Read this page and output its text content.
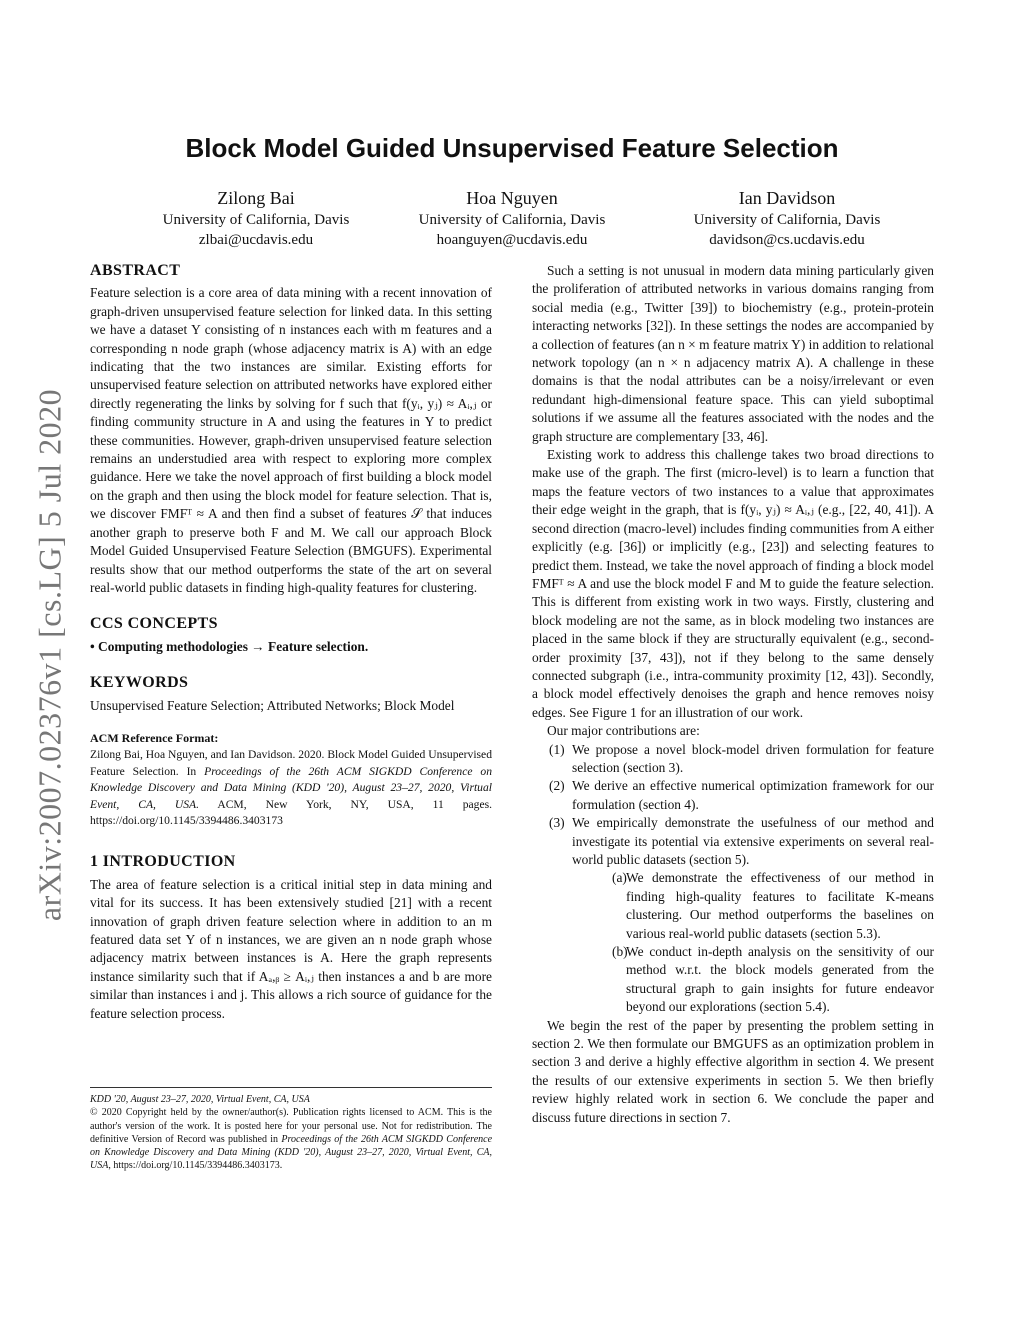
Block Model Guided Unsupervised Feature Selection
Zilong Bai
University of California, Davis
zlbai@ucdavis.edu
Hoa Nguyen
University of California, Davis
hoanguyen@ucdavis.edu
Ian Davidson
University of California, Davis
davidson@cs.ucdavis.edu
arXiv:2007.02376v1 [cs.LG] 5 Jul 2020
ABSTRACT

Feature selection is a core area of data mining with a recent innovation of graph-driven unsupervised feature selection for linked data. In this setting we have a dataset Y consisting of n instances each with m features and a corresponding n node graph (whose adjacency matrix is A) with an edge indicating that the two instances are similar. Existing efforts for unsupervised feature selection on attributed networks have explored either directly regenerating the links by solving for f such that f(yᵢ, yⱼ) ≈ Aᵢ,ⱼ or finding community structure in A and using the features in Y to predict these communities. However, graph-driven unsupervised feature selection remains an understudied area with respect to exploring more complex guidance. Here we take the novel approach of first building a block model on the graph and then using the block model for feature selection. That is, we discover FMFᵀ ≈ A and then find a subset of features 𝒮 that induces another graph to preserve both F and M. We call our approach Block Model Guided Unsupervised Feature Selection (BMGUFS). Experimental results show that our method outperforms the state of the art on several real-world public datasets in finding high-quality features for clustering.

CCS CONCEPTS

• Computing methodologies → Feature selection.

KEYWORDS

Unsupervised Feature Selection; Attributed Networks; Block Model

ACM Reference Format:

Zilong Bai, Hoa Nguyen, and Ian Davidson. 2020. Block Model Guided Unsupervised Feature Selection. In Proceedings of the 26th ACM SIGKDD Conference on Knowledge Discovery and Data Mining (KDD '20), August 23–27, 2020, Virtual Event, CA, USA. ACM, New York, NY, USA, 11 pages. https://doi.org/10.1145/3394486.3403173

1 INTRODUCTION

The area of feature selection is a critical initial step in data mining and vital for its success. It has been extensively studied [21] with a recent innovation of graph driven feature selection where in addition to an m featured data set Y of n instances, we are given an n node graph whose adjacency matrix between instances is A. Here the graph represents instance similarity such that if Aₐ,ᵦ ≥ Aᵢ,ⱼ then instances a and b are more similar than instances i and j. This allows a rich source of guidance for the feature selection process.

KDD '20, August 23–27, 2020, Virtual Event, CA, USA
© 2020 Copyright held by the owner/author(s). Publication rights licensed to ACM. This is the author's version of the work. It is posted here for your personal use. Not for redistribution. The definitive Version of Record was published in Proceedings of the 26th ACM SIGKDD Conference on Knowledge Discovery and Data Mining (KDD '20), August 23–27, 2020, Virtual Event, CA, USA, https://doi.org/10.1145/3394486.3403173.

Such a setting is not unusual in modern data mining particularly given the proliferation of attributed networks in various domains ranging from social media (e.g., Twitter [39]) to biochemistry (e.g., protein-protein interacting networks [32]). In these settings the nodes are accompanied by a collection of features (an n × m feature matrix Y) in addition to relational network topology (an n × n adjacency matrix A). A challenge in these domains is that the nodal attributes can be a noisy/irrelevant or even redundant high-dimensional feature space. This can yield suboptimal solutions if we assume all the features associated with the nodes and the graph structure are complementary [33, 46].

Existing work to address this challenge takes two broad directions to make use of the graph. The first (micro-level) is to learn a function that maps the feature vectors of two instances to a value that approximates their edge weight in the graph, that is f(yᵢ, yⱼ) ≈ Aᵢ,ⱼ (e.g., [22, 40, 41]). A second direction (macro-level) includes finding communities from A either explicitly (e.g. [36]) or implicitly (e.g., [23]) and selecting features to predict them. Instead, we take the novel approach of finding a block model FMFᵀ ≈ A and use the block model F and M to guide the feature selection. This is different from existing work in two ways. Firstly, clustering and block modeling are not the same, as in block modeling two instances are placed in the same block if they are structurally equivalent (e.g., second-order proximity [37, 43]), not if they belong to the same densely connected subgraph (i.e., intra-community proximity [12, 43]). Secondly, a block model effectively denoises the graph and hence removes noisy edges. See Figure 1 for an illustration of our work.

Our major contributions are:

(1) We propose a novel block-model driven formulation for feature selection (section 3).
(2) We derive an effective numerical optimization framework for our formulation (section 4).
(3) We empirically demonstrate the usefulness of our method and investigate its potential via extensive experiments on several real-world public datasets (section 5).
(a) We demonstrate the effectiveness of our method in finding high-quality features to facilitate K-means clustering. Our method outperforms the baselines on various real-world public datasets (section 5.3).
(b)
We conduct in-depth analysis on the sensitivity of our method w.r.t. the block models generated from the structural graph to gain insights for future endeavor beyond our explorations (section 5.4).

We begin the rest of the paper by presenting the problem setting in section 2. We then formulate our BMGUFS as an optimization problem in section 3 and derive a highly effective algorithm in section 4. We present the results of our extensive experiments in section 5. We then briefly review highly related work in section 6. We conclude the paper and discuss future directions in section 7.
